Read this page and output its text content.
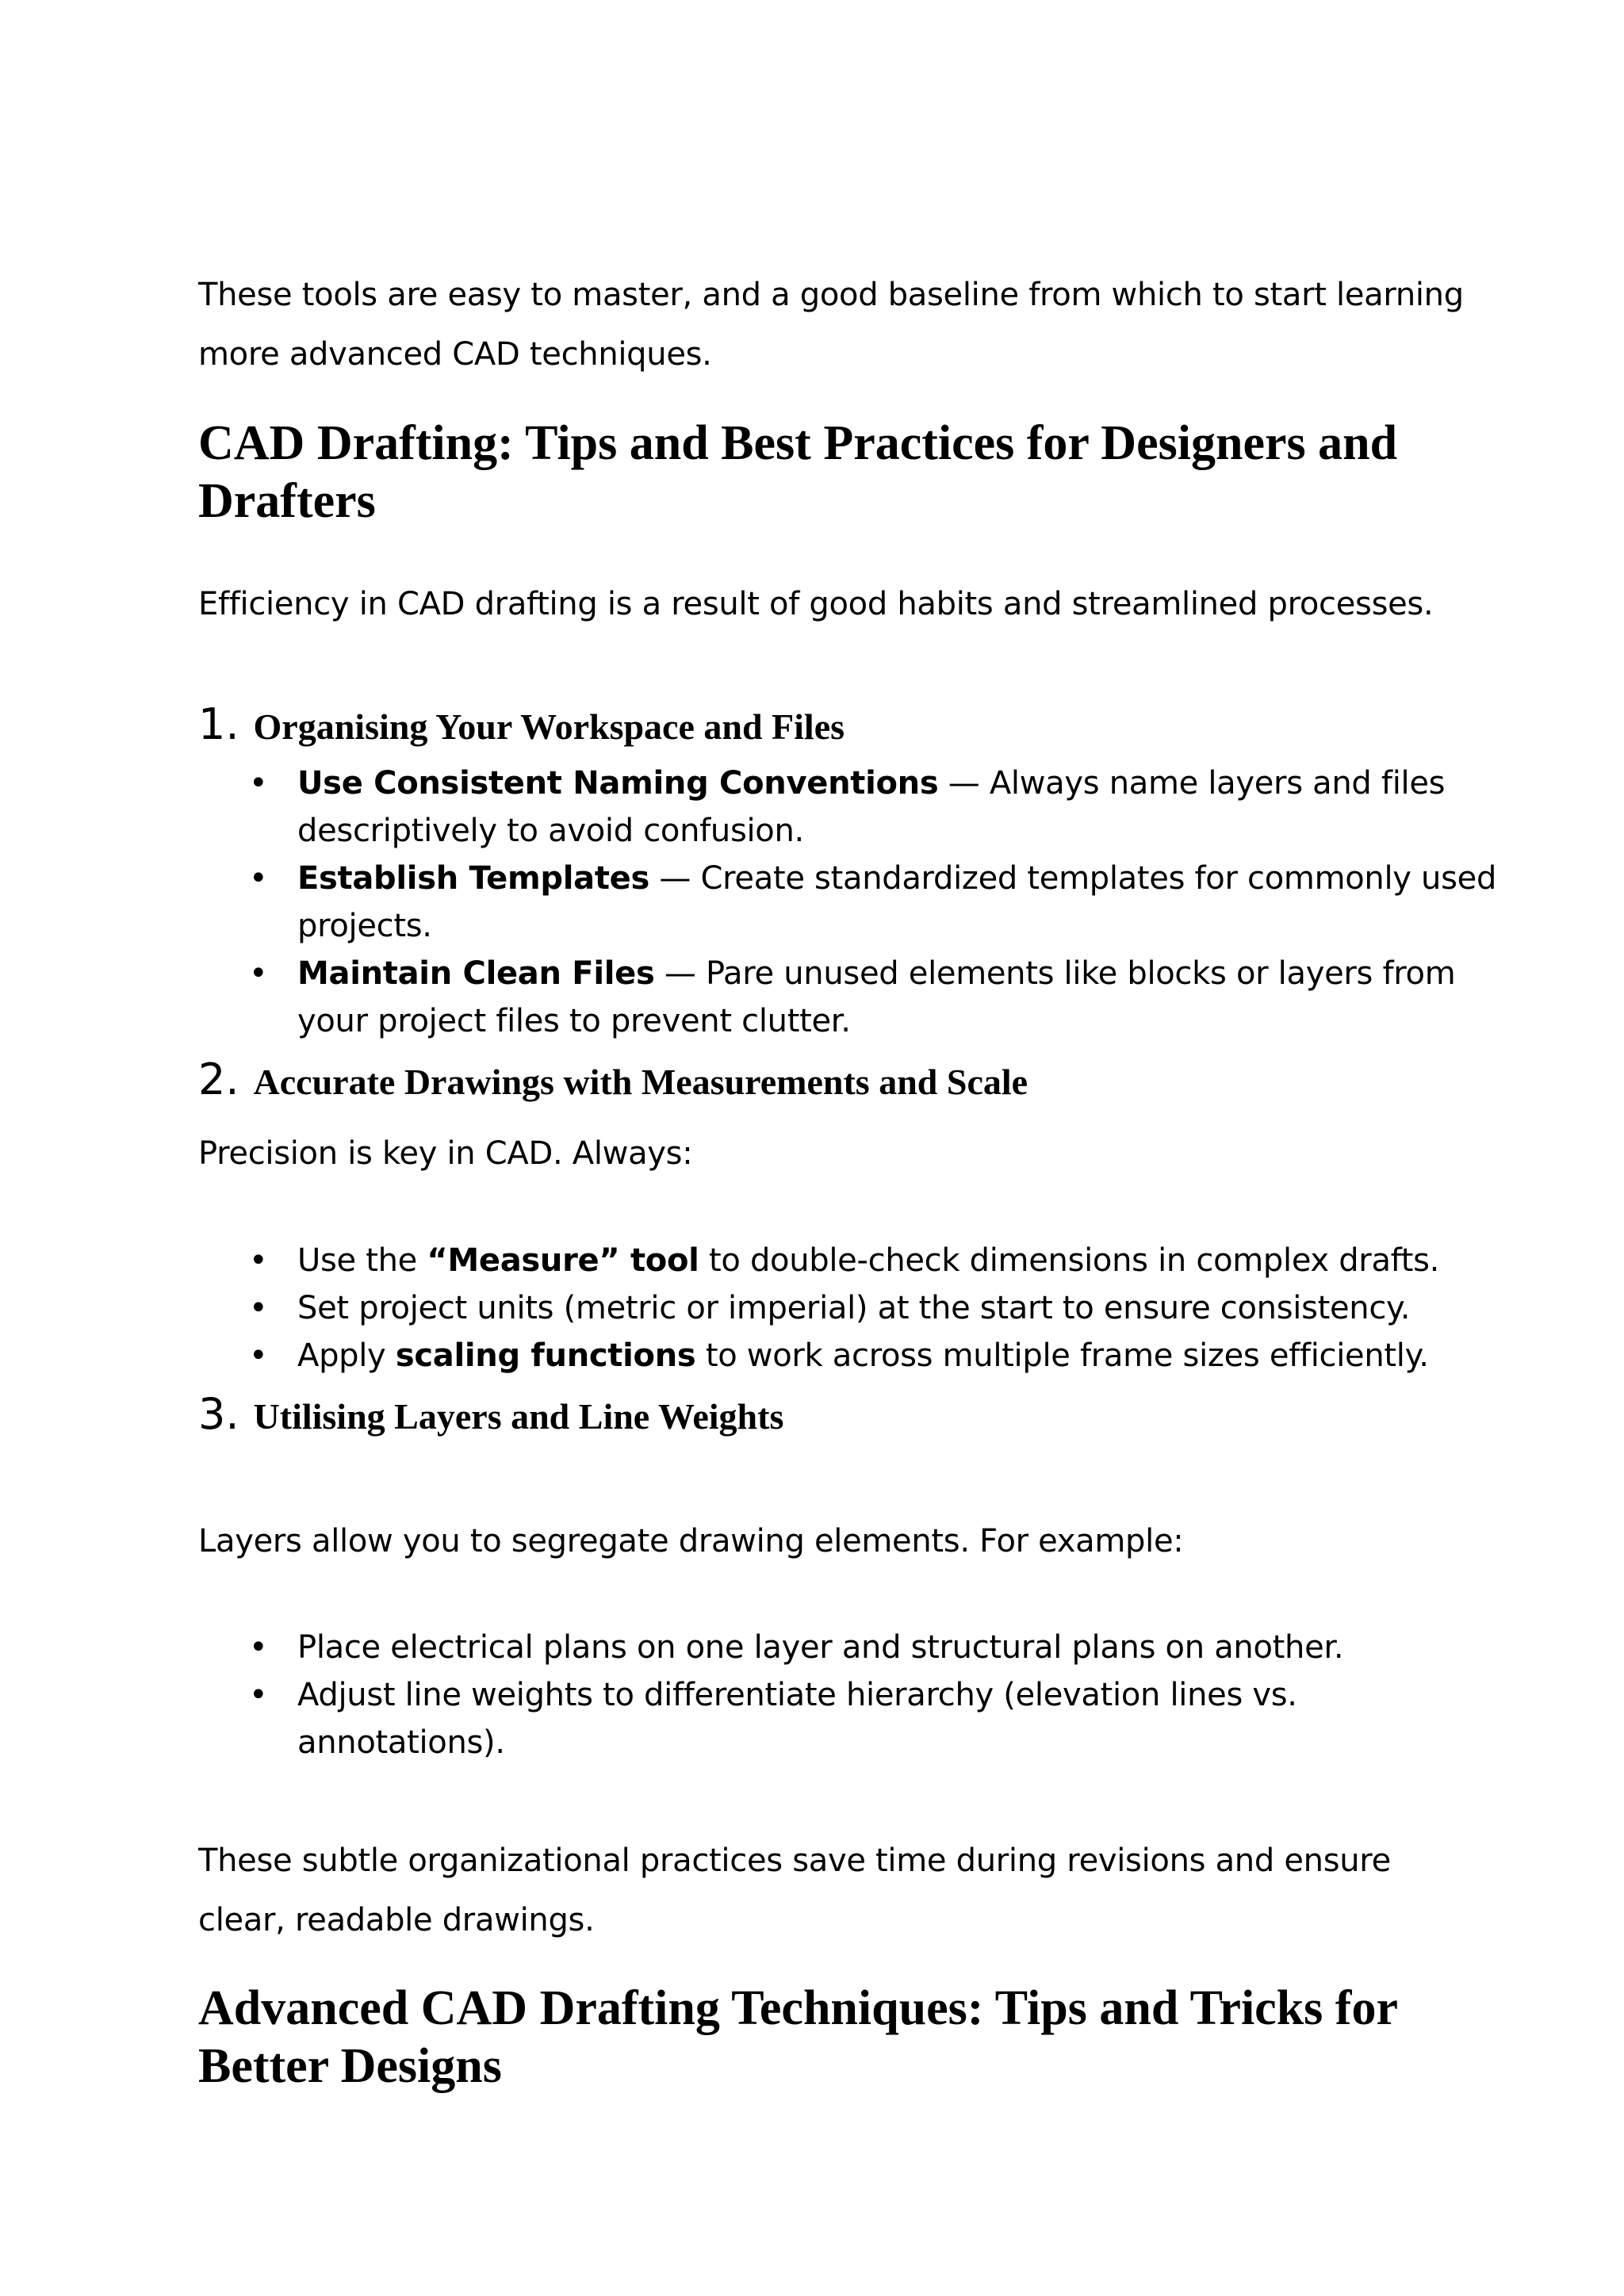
These tools are easy to master, and a good baseline from which to start learning more advanced CAD techniques.

CAD Drafting: Tips and Best Practices for Designers and Drafters

Efficiency in CAD drafting is a result of good habits and streamlined processes.

1. Organising Your Workspace and Files
• Use Consistent Naming Conventions — Always name layers and files descriptively to avoid confusion.
• Establish Templates — Create standardized templates for commonly used projects.
• Maintain Clean Files — Pare unused elements like blocks or layers from your project files to prevent clutter.
2. Accurate Drawings with Measurements and Scale

Precision is key in CAD. Always:

• Use the “Measure” tool to double-check dimensions in complex drafts.
• Set project units (metric or imperial) at the start to ensure consistency.
• Apply scaling functions to work across multiple frame sizes efficiently.
3. Utilising Layers and Line Weights

Layers allow you to segregate drawing elements. For example:

• Place electrical plans on one layer and structural plans on another.
• Adjust line weights to differentiate hierarchy (elevation lines vs. annotations).

These subtle organizational practices save time during revisions and ensure clear, readable drawings.

Advanced CAD Drafting Techniques: Tips and Tricks for Better Designs
